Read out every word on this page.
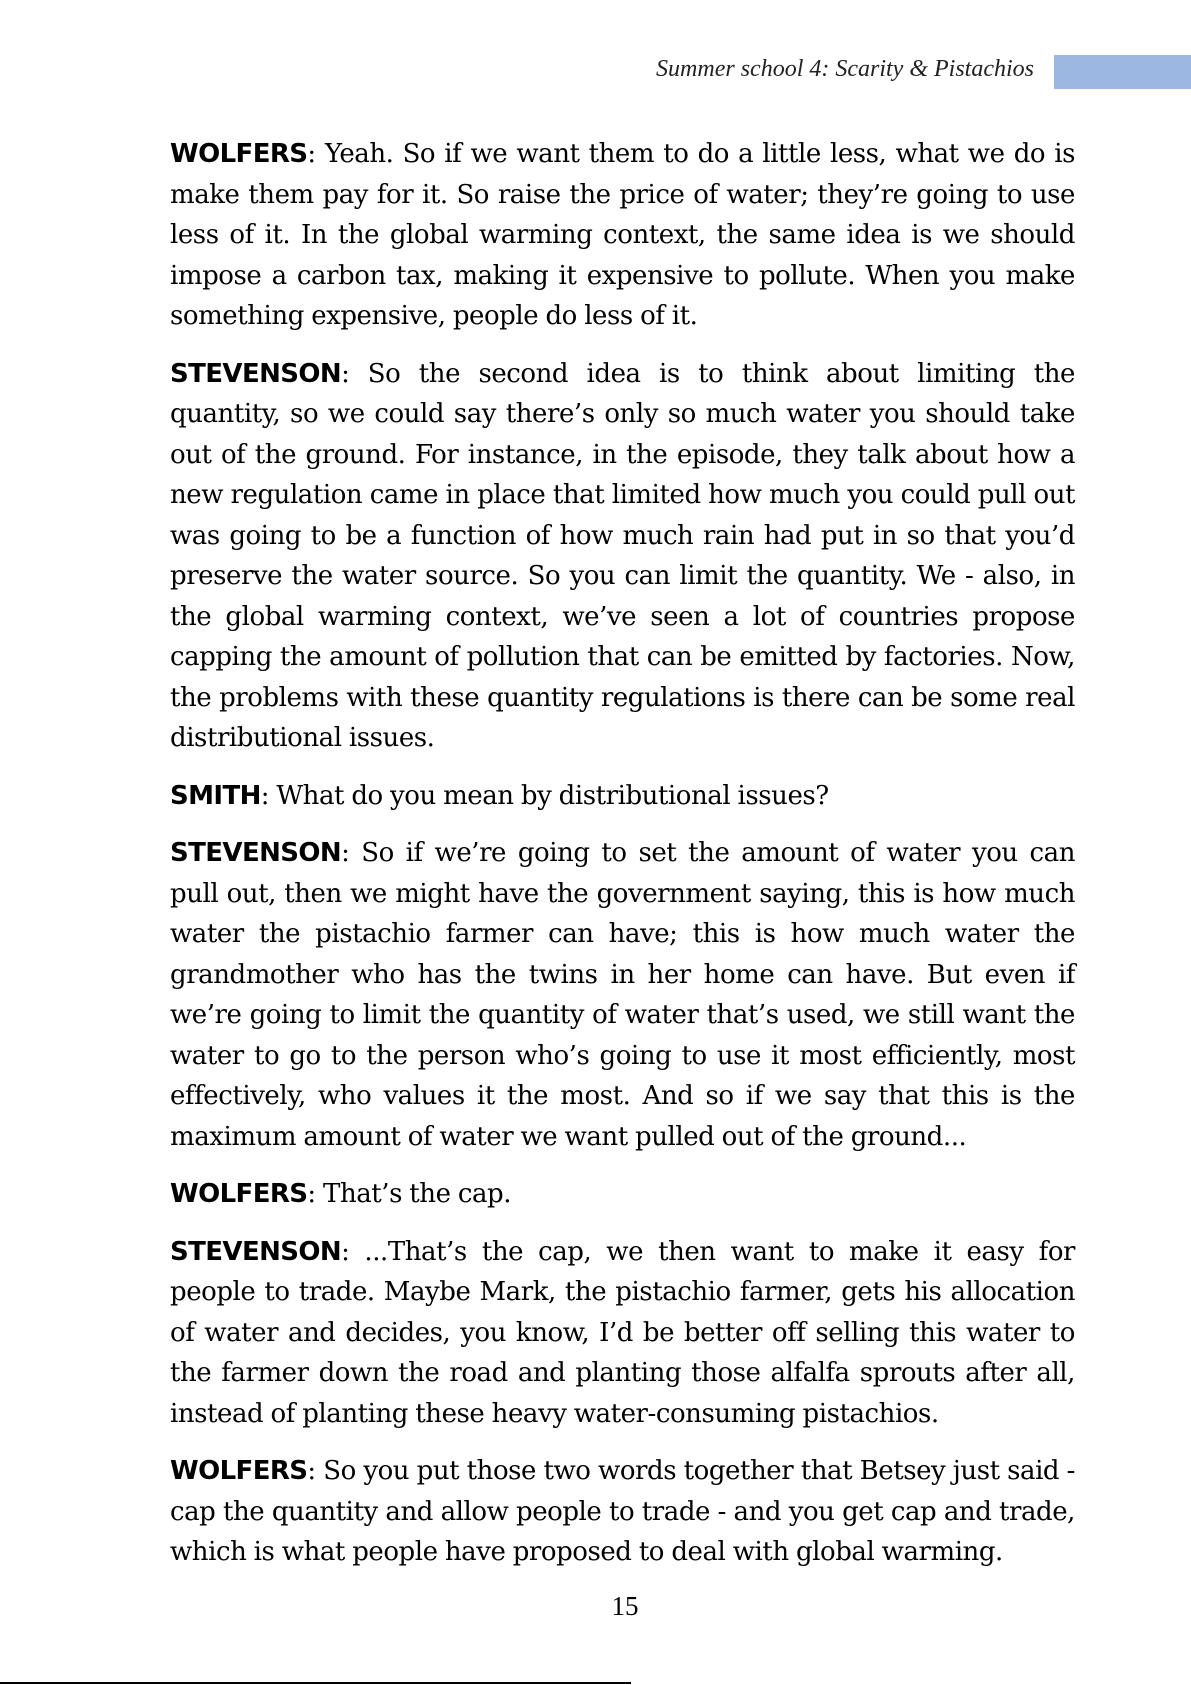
Summer school 4: Scarity & Pistachios

WOLFERS: Yeah. So if we want them to do a little less, what we do is make them pay for it. So raise the price of water; they’re going to use less of it. In the global warming context, the same idea is we should impose a carbon tax, making it expensive to pollute. When you make something expensive, people do less of it.

STEVENSON: So the second idea is to think about limiting the quantity, so we could say there’s only so much water you should take out of the ground. For instance, in the episode, they talk about how a new regulation came in place that limited how much you could pull out was going to be a function of how much rain had put in so that you’d preserve the water source. So you can limit the quantity. We - also, in the global warming context, we’ve seen a lot of countries propose capping the amount of pollution that can be emitted by factories. Now, the problems with these quantity regulations is there can be some real distributional issues.

SMITH: What do you mean by distributional issues?

STEVENSON: So if we’re going to set the amount of water you can pull out, then we might have the government saying, this is how much water the pistachio farmer can have; this is how much water the grandmother who has the twins in her home can have. But even if we’re going to limit the quantity of water that’s used, we still want the water to go to the person who’s going to use it most efficiently, most effectively, who values it the most. And so if we say that this is the maximum amount of water we want pulled out of the ground...

WOLFERS: That’s the cap.

STEVENSON: ...That’s the cap, we then want to make it easy for people to trade. Maybe Mark, the pistachio farmer, gets his allocation of water and decides, you know, I’d be better off selling this water to the farmer down the road and planting those alfalfa sprouts after all, instead of planting these heavy water-consuming pistachios.

WOLFERS: So you put those two words together that Betsey just said - cap the quantity and allow people to trade - and you get cap and trade, which is what people have proposed to deal with global warming.

15
